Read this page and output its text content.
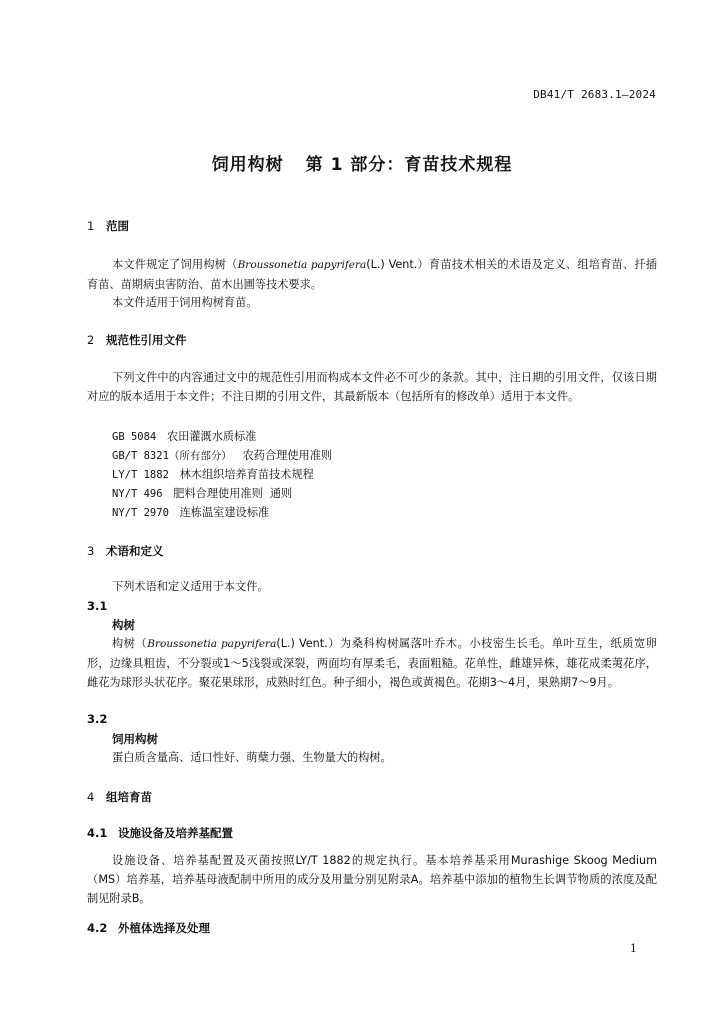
DB41/T 2683.1—2024
饲用构树 第 1 部分：育苗技术规程
1 范围

本文件规定了饲用构树（Broussonetia papyrifera(L.) Vent.）育苗技术相关的术语及定义、组培育苗、扦插育苗、苗期病虫害防治、苗木出圃等技术要求。

本文件适用于饲用构树育苗。

2 规范性引用文件

下列文件中的内容通过文中的规范性引用而构成本文件必不可少的条款。其中，注日期的引用文件，仅该日期对应的版本适用于本文件；不注日期的引用文件，其最新版本（包括所有的修改单）适用于本文件。

GB 5084 农田灌溉水质标准
GB/T 8321（所有部分） 农药合理使用准则
LY/T 1882 林木组织培养育苗技术规程
NY/T 496 肥料合理使用准则  通则
NY/T 2970 连栋温室建设标准
3 术语和定义

下列术语和定义适用于本文件。

3.1
构树

构树（Broussonetia papyrifera(L.) Vent.）为桑科构树属落叶乔木。小枝密生长毛。单叶互生，纸质宽卵形，边缘具粗齿，不分裂或1～5浅裂或深裂，两面均有厚柔毛，表面粗糙。花单性，雌雄异株，雄花成柔荑花序，雌花为球形头状花序。聚花果球形，成熟时红色。种子细小，褐色或黄褐色。花期3～4月，果熟期7～9月。

3.2
饲用构树

蛋白质含量高、适口性好、萌蘖力强、生物量大的构树。

4 组培育苗
4.1 设施设备及培养基配置

设施设备、培养基配置及灭菌按照LY/T 1882的规定执行。基本培养基采用Murashige Skoog Medium（MS）培养基，培养基母液配制中所用的成分及用量分别见附录A。培养基中添加的植物生长调节物质的浓度及配制见附录B。

4.2 外植体选择及处理
1
